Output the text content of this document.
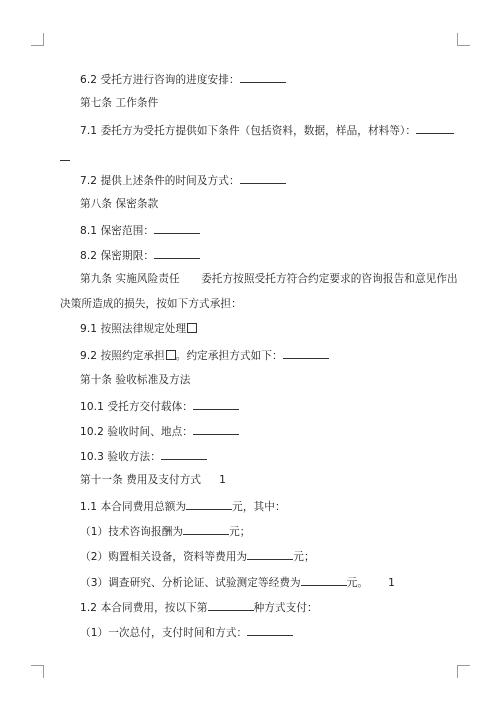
6.2 受托方进行咨询的进度安排：
第七条 工作条件
7.1 委托方为受托方提供如下条件（包括资料，数据，样品，材料等）：
7.2 提供上述条件的时间及方式：
第八条 保密条款
8.1 保密范围：
8.2 保密期限：
第九条 实施风险责任　　委托方按照受托方符合约定要求的咨询报告和意见作出
决策所造成的损失，按如下方式承担：
9.1 按照法律规定处理
9.2 按照约定承担 。约定承担方式如下：
第十条 验收标准及方法
10.1 受托方交付载体：
10.2 验收时间、地点：
10.3 验收方法：
第十一条 费用及支付方式 1
1.1 本合同费用总额为	元，其中：
（1）技术咨询报酬为	元；
（2）购置相关设备，资料等费用为	元；
（3）调查研究、分析论证、试验测定等经费为	元。 1
1.2 本合同费用，按以下第	种方式支付：
（1）一次总付，支付时间和方式：
